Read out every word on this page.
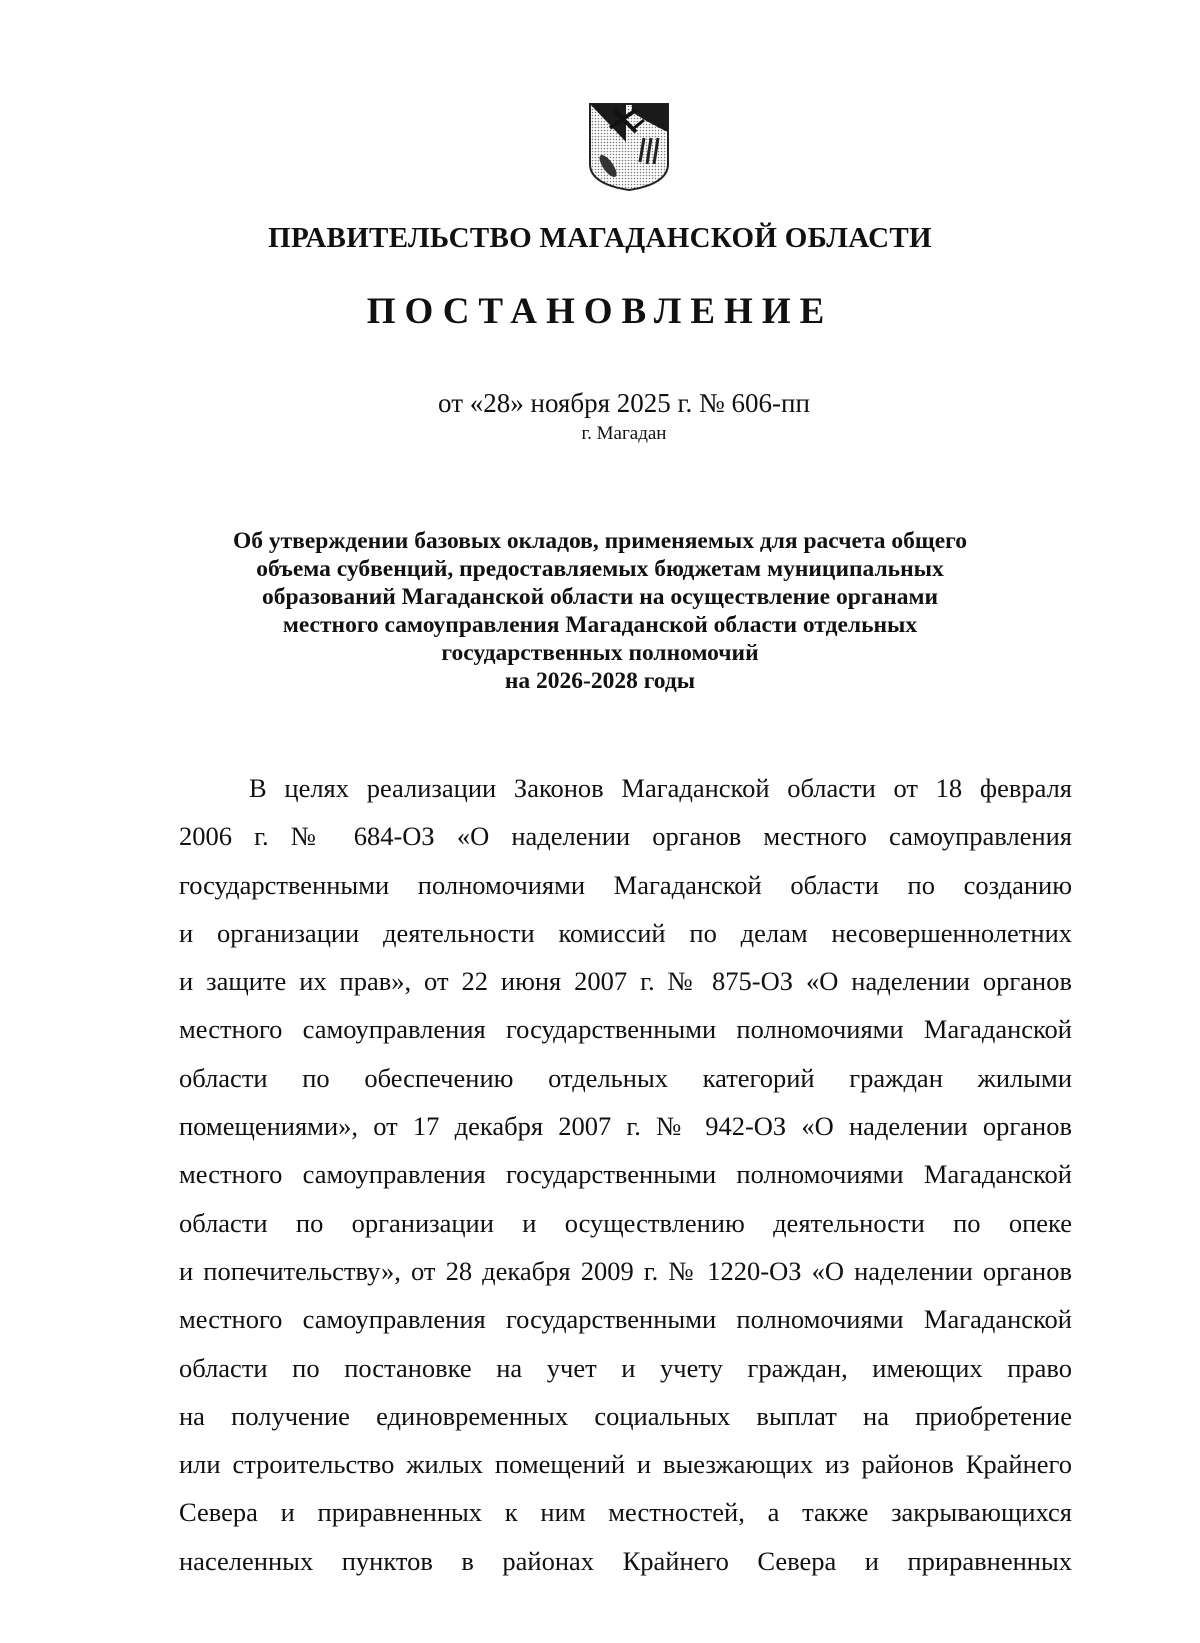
ПРАВИТЕЛЬСТВО МАГАДАНСКОЙ ОБЛАСТИ
ПОСТАНОВЛЕНИЕ
от «28» ноября 2025 г. № 606-пп
г. Магадан
Об утверждении базовых окладов, применяемых для расчета общего
объема субвенций, предоставляемых бюджетам муниципальных
образований Магаданской области на осуществление органами
местного самоуправления Магаданской области отдельных
государственных полномочий
на 2026-2028 годы
В целях реализации Законов Магаданской области от 18 февраля
2006 г. № 684-ОЗ «О наделении органов местного самоуправления
государственными полномочиями Магаданской области по созданию
и организации деятельности комиссий по делам несовершеннолетних
и защите их прав», от 22 июня 2007 г. № 875-ОЗ «О наделении органов
местного самоуправления государственными полномочиями Магаданской
области по обеспечению отдельных категорий граждан жилыми
помещениями», от 17 декабря 2007 г. № 942-ОЗ «О наделении органов
местного самоуправления государственными полномочиями Магаданской
области по организации и осуществлению деятельности по опеке
и попечительству», от 28 декабря 2009 г. № 1220-ОЗ «О наделении органов
местного самоуправления государственными полномочиями Магаданской
области по постановке на учет и учету граждан, имеющих право
на получение единовременных социальных выплат на приобретение
или строительство жилых помещений и выезжающих из районов Крайнего
Севера и приравненных к ним местностей, а также закрывающихся
населенных пунктов в районах Крайнего Севера и приравненных
